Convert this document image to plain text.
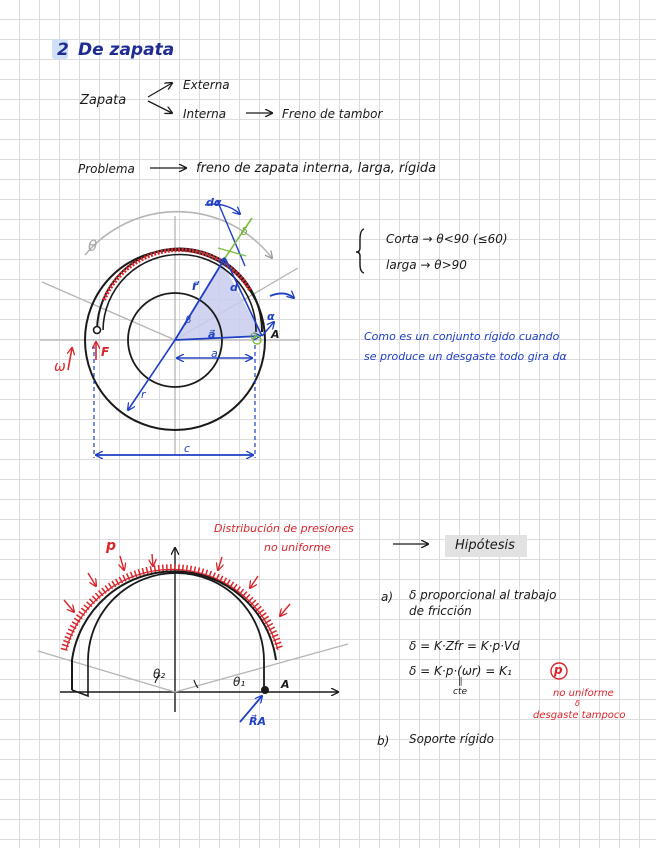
2 De zapata
Zapata
Externa
Interna	Freno de tambor
Problema	freno de zapata interna, larga, rígida
θ
dα
δ
r⃗	d
α
β
a⃗	A
O
a
r
c
F
ω
Corta → θ<90 (≤60)
larga → θ>90
Como es un conjunto rígido cuando
se produce un desgaste todo gira dα
Distribución de presiones
no uniforme	Hipótesis
p
θ₂
θ₁	A
R⃗A
a) δ proporcional al trabajo
de fricción
δ = K·Zfr = K·p·Vd
δ = K·p·(ωr) = K₁	p
∥
cte	no uniforme
δ
desgaste tampoco
b) Soporte rígido
